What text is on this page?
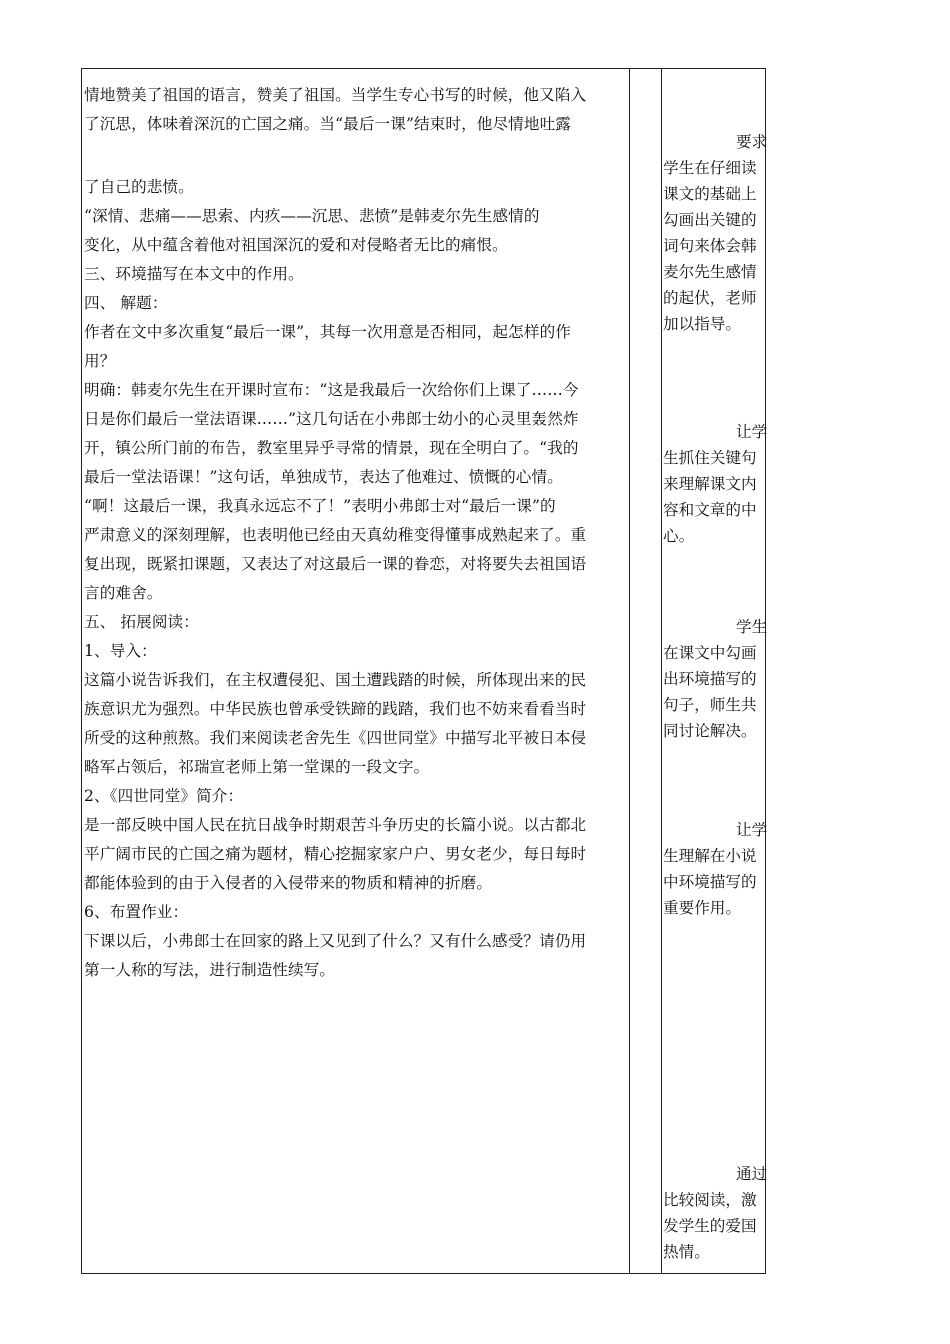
情地赞美了祖国的语言，赞美了祖国。当学生专心书写的时候，他又陷入
了沉思，体味着深沉的亡国之痛。当“最后一课”结束时，他尽情地吐露
了自己的悲愤。
“深情、悲痛——思索、内疚——沉思、悲愤”是韩麦尔先生感情的
变化，从中蕴含着他对祖国深沉的爱和对侵略者无比的痛恨。
三、环境描写在本文中的作用。
四、 解题：
作者在文中多次重复“最后一课”，其每一次用意是否相同，起怎样的作
用？
明确：韩麦尔先生在开课时宣布：“这是我最后一次给你们上课了……今
日是你们最后一堂法语课……”这几句话在小弗郎士幼小的心灵里轰然炸
开，镇公所门前的布告，教室里异乎寻常的情景，现在全明白了。“我的
最后一堂法语课！”这句话，单独成节，表达了他难过、愤慨的心情。
“啊！这最后一课，我真永远忘不了！”表明小弗郎士对“最后一课”的
严肃意义的深刻理解，也表明他已经由天真幼稚变得懂事成熟起来了。重
复出现，既紧扣课题，又表达了对这最后一课的眷恋，对将要失去祖国语
言的难舍。
五、 拓展阅读：
1、导入：
这篇小说告诉我们，在主权遭侵犯、国土遭践踏的时候，所体现出来的民
族意识尤为强烈。中华民族也曾承受铁蹄的践踏，我们也不妨来看看当时
所受的这种煎熬。我们来阅读老舍先生《四世同堂》中描写北平被日本侵
略军占领后，祁瑞宣老师上第一堂课的一段文字。
2、《四世同堂》简介：
是一部反映中国人民在抗日战争时期艰苦斗争历史的长篇小说。以古都北
平广阔市民的亡国之痛为题材，精心挖掘家家户户、男女老少，每日每时
都能体验到的由于入侵者的入侵带来的物质和精神的折磨。
6、布置作业：
下课以后，小弗郎士在回家的路上又见到了什么？又有什么感受？请仍用
第一人称的写法，进行制造性续写。
要求
学生在仔细读
课文的基础上
勾画出关键的
词句来体会韩
麦尔先生感情
的起伏，老师
加以指导。
让学
生抓住关键句
来理解课文内
容和文章的中
心。
学生
在课文中勾画
出环境描写的
句子，师生共
同讨论解决。
让学
生理解在小说
中环境描写的
重要作用。
通过
比较阅读，激
发学生的爱国
热情。
